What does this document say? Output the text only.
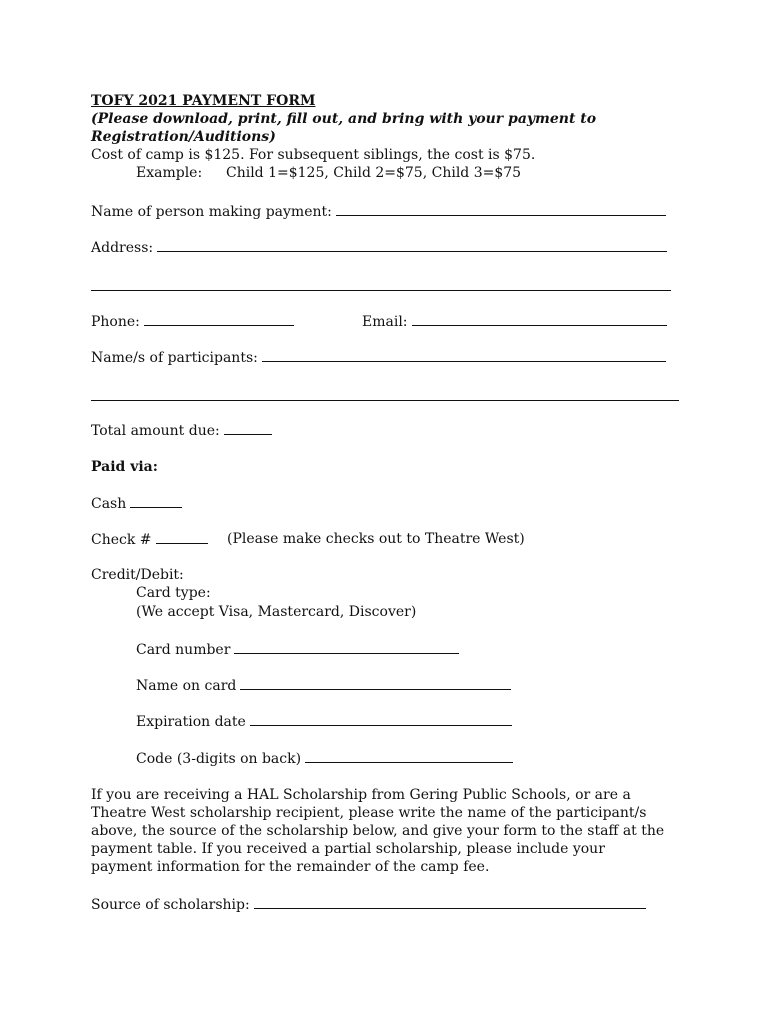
TOFY 2021 PAYMENT FORM
(Please download, print, fill out, and bring with your payment to Registration/Auditions)
Cost of camp is $125. For subsequent siblings, the cost is $75.
Example: Child 1=$125, Child 2=$75, Child 3=$75
Name of person making payment:
Address:
Phone:	Email:
Name/s of participants:
Total amount due:
Paid via:
Cash
Check #	(Please make checks out to Theatre West)
Credit/Debit:
Card type:
(We accept Visa, Mastercard, Discover)
Card number
Name on card
Expiration date
Code (3-digits on back)
If you are receiving a HAL Scholarship from Gering Public Schools, or are a Theatre West scholarship recipient, please write the name of the participant/s above, the source of the scholarship below, and give your form to the staff at the payment table. If you received a partial scholarship, please include your payment information for the remainder of the camp fee.
Source of scholarship:
